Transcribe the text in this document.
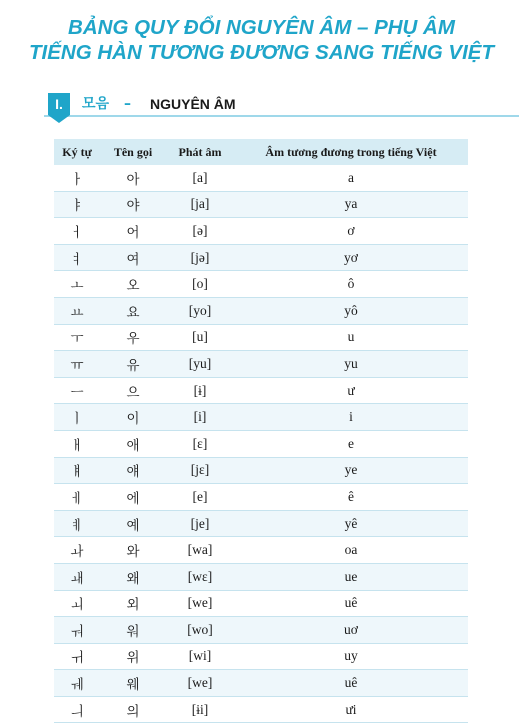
BẢNG QUY ĐỔI NGUYÊN ÂM – PHỤ ÂM
TIẾNG HÀN TƯƠNG ĐƯƠNG SANG TIẾNG VIỆT
I.	모음 – NGUYÊN ÂM
Ký tự	Tên gọi	Phát âm	Âm tương đương trong tiếng Việt
ㅏ	아	[a]	a
ㅑ	야	[ja]	ya
ㅓ	어	[ə]	ơ
ㅕ	여	[jə]	yơ
ㅗ	오	[o]	ô
ㅛ	요	[yo]	yô
ㅜ	우	[u]	u
ㅠ	유	[yu]	yu
ㅡ	으	[ɨ]	ư
ㅣ	이	[i]	i
ㅐ	애	[ɛ]	e
ㅒ	얘	[jɛ]	ye
ㅔ	에	[e]	ê
ㅖ	예	[je]	yê
ㅘ	와	[wa]	oa
ㅙ	왜	[wɛ]	ue
ㅚ	외	[we]	uê
ㅝ	워	[wo]	uơ
ㅟ	위	[wi]	uy
ㅞ	웨	[we]	uê
ㅢ	의	[ɨi]	ưi
